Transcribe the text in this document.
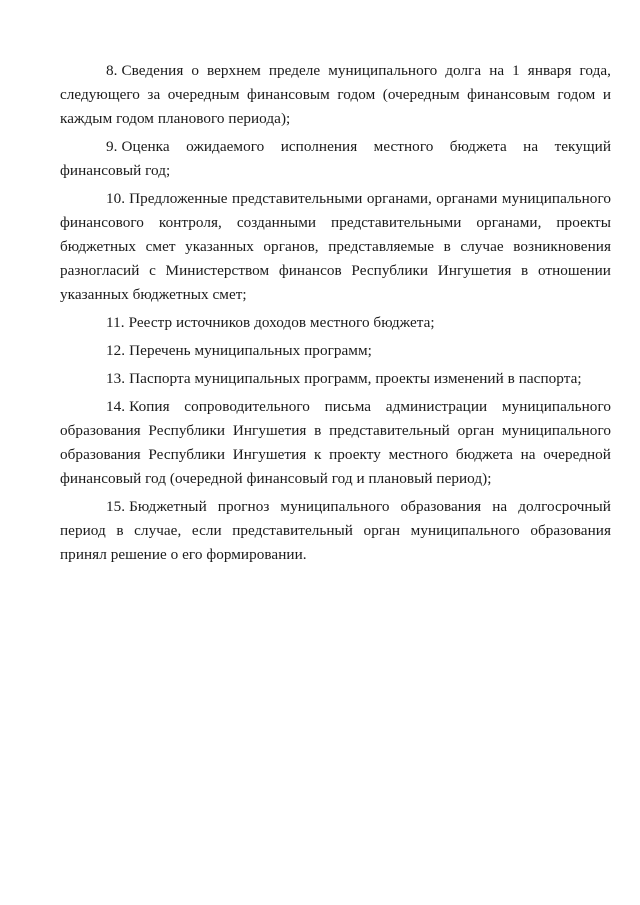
8. Сведения о верхнем пределе муниципального долга на 1 января года, следующего за очередным финансовым годом (очередным финансовым годом и каждым годом планового периода);

9. Оценка ожидаемого исполнения местного бюджета на текущий финансовый год;

10. Предложенные представительными органами, органами муниципального финансового контроля, созданными представительными органами, проекты бюджетных смет указанных органов, представляемые в случае возникновения разногласий с Министерством финансов Республики Ингушетия в отношении указанных бюджетных смет;

11. Реестр источников доходов местного бюджета;

12. Перечень муниципальных программ;

13. Паспорта муниципальных программ, проекты изменений в паспорта;

14. Копия сопроводительного письма администрации муниципального образования Республики Ингушетия в представительный орган муниципального образования Республики Ингушетия к проекту местного бюджета на очередной финансовый год (очередной финансовый год и плановый период);

15. Бюджетный прогноз муниципального образования на долгосрочный период в случае, если представительный орган муниципального образования принял решение о его формировании.
